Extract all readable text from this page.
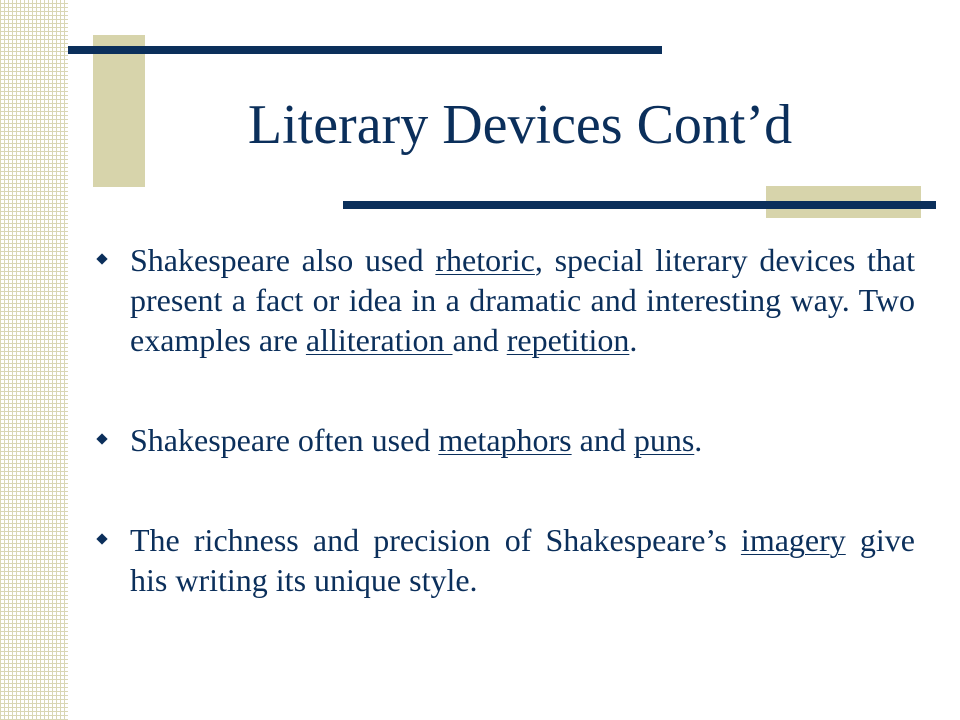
Literary Devices Cont’d
Shakespeare also used rhetoric, special literary devices that present a fact or idea in a dramatic and interesting way. Two examples are alliteration and repetition.
Shakespeare often used metaphors and puns.
The richness and precision of Shakespeare’s imagery give his writing its unique style.
